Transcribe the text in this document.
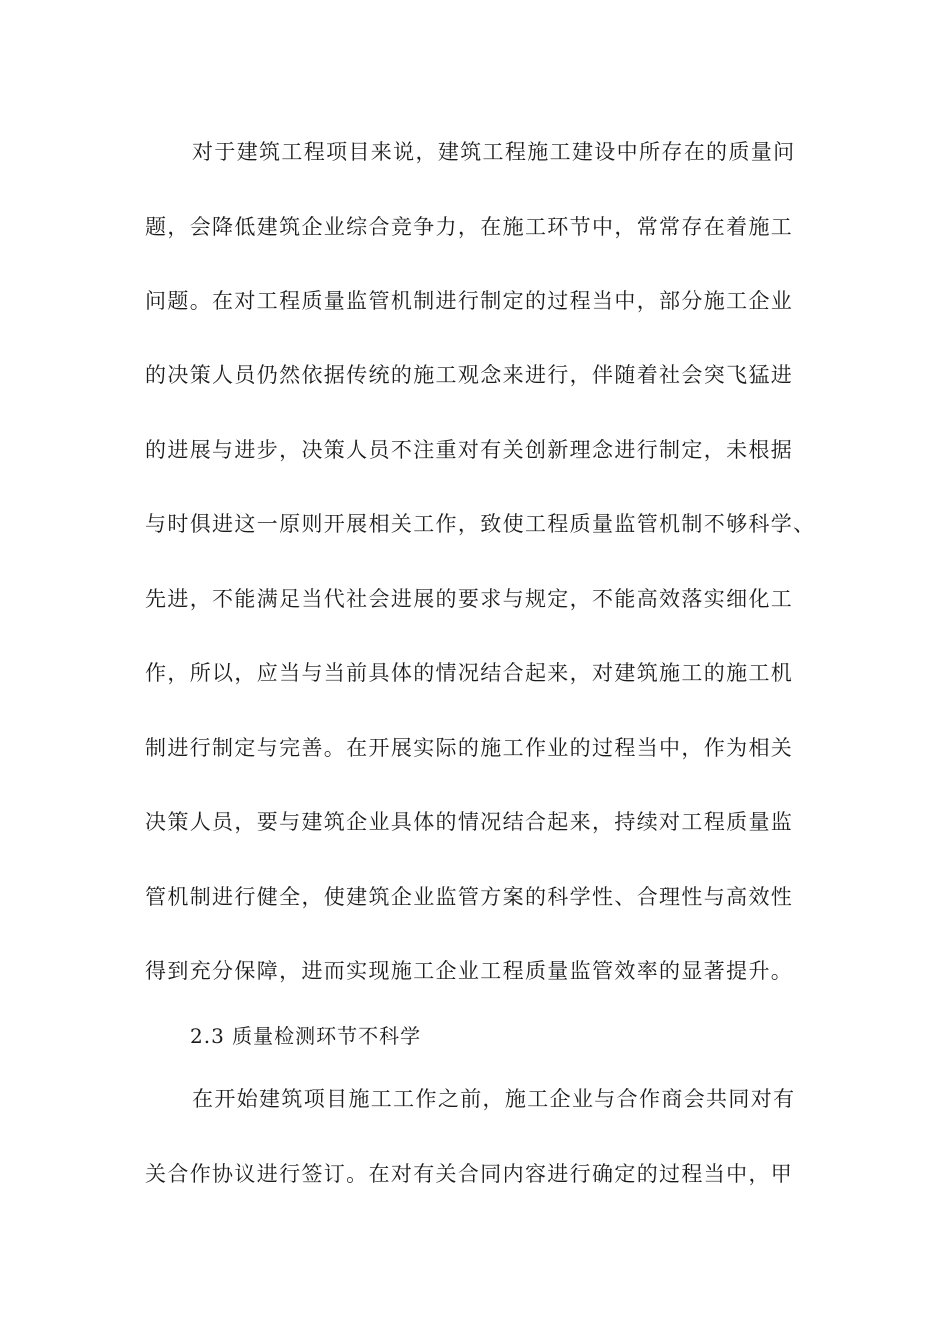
对于建筑工程项目来说，建筑工程施工建设中所存在的质量问
题，会降低建筑企业综合竞争力，在施工环节中，常常存在着施工
问题。在对工程质量监管机制进行制定的过程当中，部分施工企业
的决策人员仍然依据传统的施工观念来进行，伴随着社会突飞猛进
的进展与进步，决策人员不注重对有关创新理念进行制定，未根据
与时俱进这一原则开展相关工作，致使工程质量监管机制不够科学、
先进，不能满足当代社会进展的要求与规定，不能高效落实细化工
作，所以，应当与当前具体的情况结合起来，对建筑施工的施工机
制进行制定与完善。在开展实际的施工作业的过程当中，作为相关
决策人员，要与建筑企业具体的情况结合起来，持续对工程质量监
管机制进行健全，使建筑企业监管方案的科学性、合理性与高效性
得到充分保障，进而实现施工企业工程质量监管效率的显著提升。
2.3 质量检测环节不科学
在开始建筑项目施工工作之前，施工企业与合作商会共同对有
关合作协议进行签订。在对有关合同内容进行确定的过程当中，甲
